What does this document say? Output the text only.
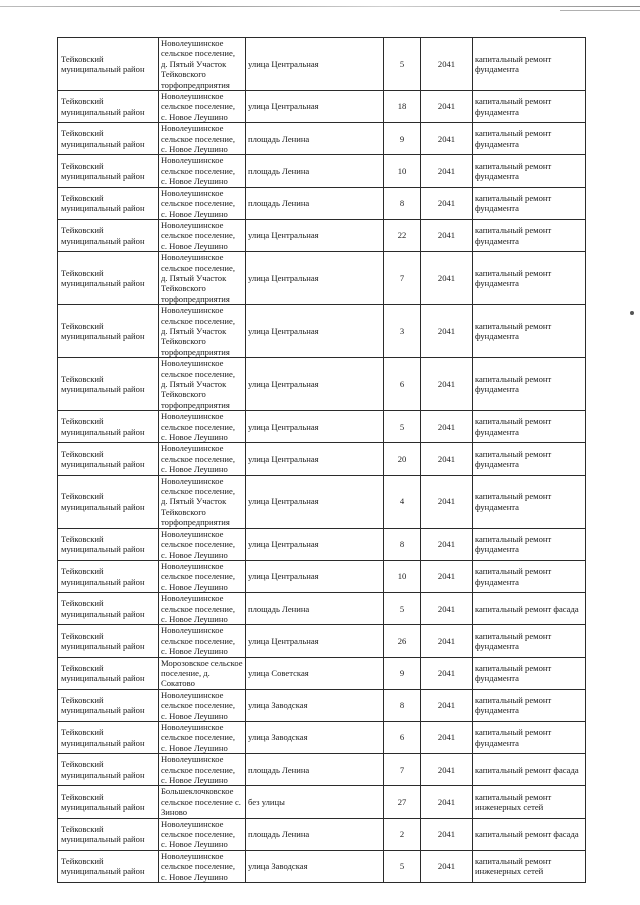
Тейковский муниципальный район	Новолеушинское сельское поселение, д. Пятый Участок Тейковского торфопредприятия	улица Центральная	5	2041	капитальный ремонт фундамента
Тейковский муниципальный район	Новолеушинское сельское поселение, с. Новое Леушино	улица Центральная	18	2041	капитальный ремонт фундамента
Тейковский муниципальный район	Новолеушинское сельское поселение, с. Новое Леушино	площадь Ленина	9	2041	капитальный ремонт фундамента
Тейковский муниципальный район	Новолеушинское сельское поселение, с. Новое Леушино	площадь Ленина	10	2041	капитальный ремонт фундамента
Тейковский муниципальный район	Новолеушинское сельское поселение, с. Новое Леушино	площадь Ленина	8	2041	капитальный ремонт фундамента
Тейковский муниципальный район	Новолеушинское сельское поселение, с. Новое Леушино	улица Центральная	22	2041	капитальный ремонт фундамента
Тейковский муниципальный район	Новолеушинское сельское поселение, д. Пятый Участок Тейковского торфопредприятия	улица Центральная	7	2041	капитальный ремонт фундамента
Тейковский муниципальный район	Новолеушинское сельское поселение, д. Пятый Участок Тейковского торфопредприятия	улица Центральная	3	2041	капитальный ремонт фундамента
Тейковский муниципальный район	Новолеушинское сельское поселение, д. Пятый Участок Тейковского торфопредприятия	улица Центральная	6	2041	капитальный ремонт фундамента
Тейковский муниципальный район	Новолеушинское сельское поселение, с. Новое Леушино	улица Центральная	5	2041	капитальный ремонт фундамента
Тейковский муниципальный район	Новолеушинское сельское поселение, с. Новое Леушино	улица Центральная	20	2041	капитальный ремонт фундамента
Тейковский муниципальный район	Новолеушинское сельское поселение, д. Пятый Участок Тейковского торфопредприятия	улица Центральная	4	2041	капитальный ремонт фундамента
Тейковский муниципальный район	Новолеушинское сельское поселение, с. Новое Леушино	улица Центральная	8	2041	капитальный ремонт фундамента
Тейковский муниципальный район	Новолеушинское сельское поселение, с. Новое Леушино	улица Центральная	10	2041	капитальный ремонт фундамента
Тейковский муниципальный район	Новолеушинское сельское поселение, с. Новое Леушино	площадь Ленина	5	2041	капитальный ремонт фасада
Тейковский муниципальный район	Новолеушинское сельское поселение, с. Новое Леушино	улица Центральная	26	2041	капитальный ремонт фундамента
Тейковский муниципальный район	Морозовское сельское поселение, д. Сокатово	улица Советская	9	2041	капитальный ремонт фундамента
Тейковский муниципальный район	Новолеушинское сельское поселение, с. Новое Леушино	улица Заводская	8	2041	капитальный ремонт фундамента
Тейковский муниципальный район	Новолеушинское сельское поселение, с. Новое Леушино	улица Заводская	6	2041	капитальный ремонт фундамента
Тейковский муниципальный район	Новолеушинское сельское поселение, с. Новое Леушино	площадь Ленина	7	2041	капитальный ремонт фасада
Тейковский муниципальный район	Большеклочковское сельское поселение с. Зиново	без улицы	27	2041	капитальный ремонт инженерных сетей
Тейковский муниципальный район	Новолеушинское сельское поселение, с. Новое Леушино	площадь Ленина	2	2041	капитальный ремонт фасада
Тейковский муниципальный район	Новолеушинское сельское поселение, с. Новое Леушино	улица Заводская	5	2041	капитальный ремонт инженерных сетей
